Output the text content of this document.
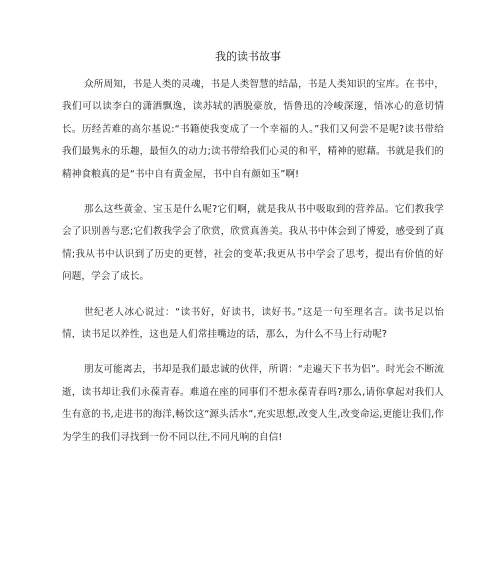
我的读书故事

众所周知，书是人类的灵魂，书是人类智慧的结晶，书是人类知识的宝库。在书中，我们可以读李白的潇洒飘逸，读苏轼的洒脱豪放，悟鲁迅的冷峻深邃，悟冰心的意切情长。历经苦难的高尔基说:“书籍使我变成了一个幸福的人。”我们又何尝不是呢?读书带给我们最隽永的乐趣，最恒久的动力;读书带给我们心灵的和平，精神的慰藉。书就是我们的精神食粮真的是“书中自有黄金屋，书中自有颜如玉”啊!

那么这些黄金、宝玉是什么呢?它们啊，就是我从书中吸取到的营养品。它们教我学会了识别善与恶;它们教我学会了欣赏，欣赏真善美。我从书中体会到了博爱，感受到了真情;我从书中认识到了历史的更替，社会的变革;我更从书中学会了思考，提出有价值的好问题，学会了成长。

世纪老人冰心说过：“读书好，好读书，读好书。”这是一句至理名言。读书足以怡情，读书足以养性，这也是人们常挂嘴边的话，那么，为什么不马上行动呢?

朋友可能离去，书却是我们最忠诚的伙伴，所谓：“走遍天下书为侣”。时光会不断流逝，读书却让我们永葆青春。难道在座的同事们不想永葆青春吗?那么,请你拿起对我们人生有意的书,走进书的海洋,畅饮这“源头活水”,充实思想,改变人生,改变命运,更能让我们,作为学生的我们寻找到一份不同以往,不同凡响的自信!
